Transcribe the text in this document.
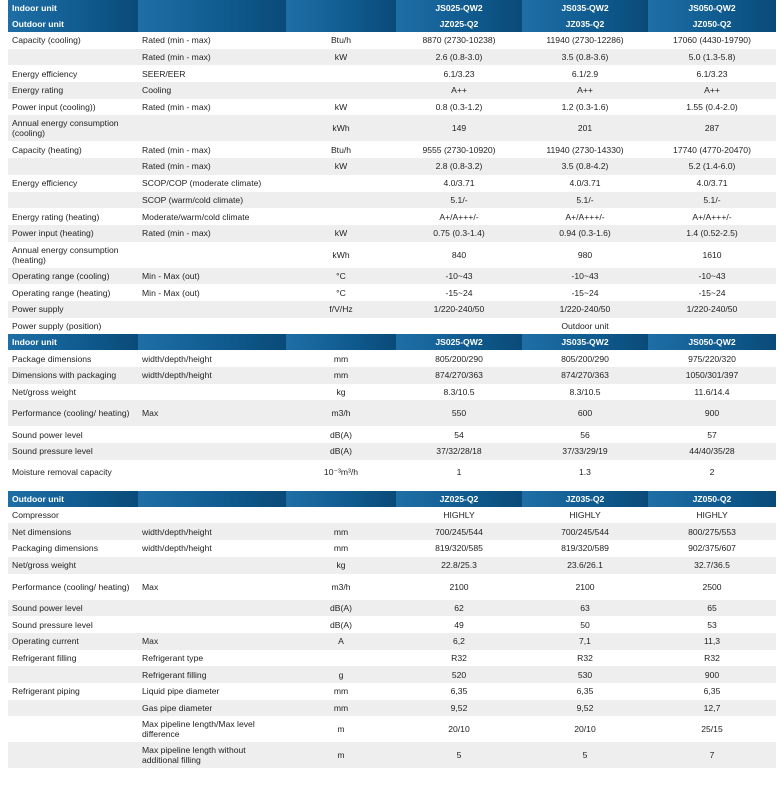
Indoor unit			JS025-QW2	JS035-QW2	JS050-QW2
Outdoor unit			JZ025-Q2	JZ035-Q2	JZ050-Q2
Capacity (cooling)	Rated (min - max)	Btu/h	8870 (2730-10238)	11940 (2730-12286)	17060 (4430-19790)
	Rated (min - max)	kW	2.6 (0.8-3.0)	3.5 (0.8-3.6)	5.0 (1.3-5.8)
Energy efficiency	SEER/EER		6.1/3.23	6.1/2.9	6.1/3.23
Energy rating	Cooling		A++	A++	A++
Power input (cooling))	Rated (min - max)	kW	0.8 (0.3-1.2)	1.2 (0.3-1.6)	1.55 (0.4-2.0)
Annual energy consumption (cooling)		kWh	149	201	287
Capacity (heating)	Rated (min - max)	Btu/h	9555 (2730-10920)	11940 (2730-14330)	17740 (4770-20470)
	Rated (min - max)	kW	2.8 (0.8-3.2)	3.5 (0.8-4.2)	5.2 (1.4-6.0)
Energy efficiency	SCOP/COP (moderate climate)		4.0/3.71	4.0/3.71	4.0/3.71
	SCOP (warm/cold climate)		5.1/-	5.1/-	5.1/-
Energy rating (heating)	Moderate/warm/cold climate		A+/A+++/-	A+/A+++/-	A+/A+++/-
Power input (heating)	Rated (min - max)	kW	0.75 (0.3-1.4)	0.94 (0.3-1.6)	1.4 (0.52-2.5)
Annual energy consumption (heating)		kWh	840	980	1610
Operating range (cooling)	Min - Max (out)	°C	-10~43	-10~43	-10~43
Operating range (heating)	Min - Max (out)	°C	-15~24	-15~24	-15~24
Power supply		f/V/Hz	1/220-240/50	1/220-240/50	1/220-240/50
Power supply (position)				Outdoor unit	
Indoor unit			JS025-QW2	JS035-QW2	JS050-QW2
Package dimensions	width/depth/height	mm	805/200/290	805/200/290	975/220/320
Dimensions with packaging	width/depth/height	mm	874/270/363	874/270/363	1050/301/397
Net/gross weight		kg	8.3/10.5	8.3/10.5	11.6/14.4
Performance (cooling/ heating)	Max	m3/h	550	600	900
Sound power level		dB(A)	54	56	57
Sound pressure level		dB(A)	37/32/28/18	37/33/29/19	44/40/35/28
Moisture removal capacity		10⁻³m³/h	1	1.3	2

Outdoor unit			JZ025-Q2	JZ035-Q2	JZ050-Q2
Compressor			HIGHLY	HIGHLY	HIGHLY
Net dimensions	width/depth/height	mm	700/245/544	700/245/544	800/275/553
Packaging dimensions	width/depth/height	mm	819/320/585	819/320/589	902/375/607
Net/gross weight		kg	22.8/25.3	23.6/26.1	32.7/36.5
Performance (cooling/ heating)	Max	m3/h	2100	2100	2500
Sound power level		dB(A)	62	63	65
Sound pressure level		dB(A)	49	50	53
Operating current	Max	A	6,2	7,1	11,3
Refrigerant filling	Refrigerant type		R32	R32	R32
	Refrigerant filling	g	520	530	900
Refrigerant piping	Liquid pipe diameter	mm	6,35	6,35	6,35
	Gas pipe diameter	mm	9,52	9,52	12,7
	Max pipeline length/Max level difference	m	20/10	20/10	25/15
	Max pipeline length without additional filling	m	5	5	7
